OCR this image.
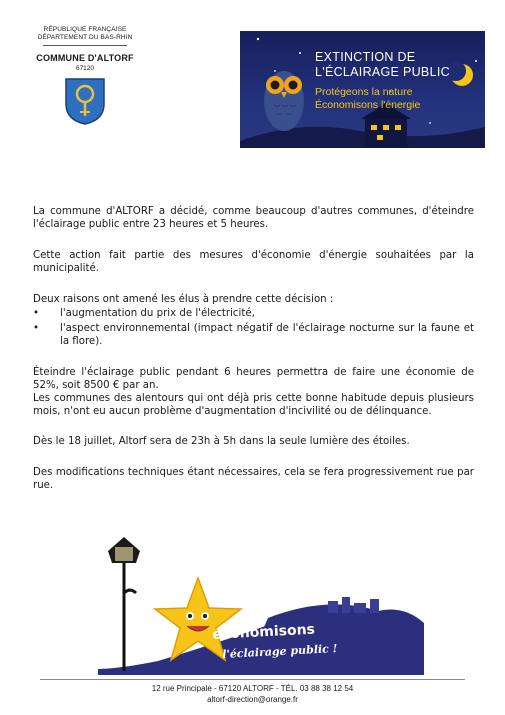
RÉPUBLIQUE FRANÇAISE
DÉPARTEMENT DU BAS-RHIN
COMMUNE D'ALTORF
67120
EXTINCTION DE
L'ÉCLAIRAGE PUBLIC
Protégeons la nature
Économisons l'énergie

La commune d'ALTORF a décidé, comme beaucoup d'autres communes, d'éteindre l'éclairage public entre 23 heures et 5 heures.

Cette action fait partie des mesures d'économie d'énergie souhaitées par la municipalité.

Deux raisons ont amené les élus à prendre cette décision :

• l'augmentation du prix de l'électricité,

• l'aspect environnemental (impact négatif de l'éclairage nocturne sur la faune et la flore).

Éteindre l'éclairage public pendant 6 heures permettra de faire une économie de 52%, soit 8500 € par an.

Les communes des alentours qui ont déjà pris cette bonne habitude depuis plusieurs mois, n'ont eu aucun problème d'augmentation d'incivilité ou de délinquance.

Dès le 18 juillet, Altorf sera de 23h à 5h dans la seule lumière des étoiles.

Des modifications techniques étant nécessaires, cela se fera progressivement rue par rue.

économisons
l'éclairage public !
12 rue Principale - 67120 ALTORF - TÉL. 03 88 38 12 54
altorf-direction@orange.fr
